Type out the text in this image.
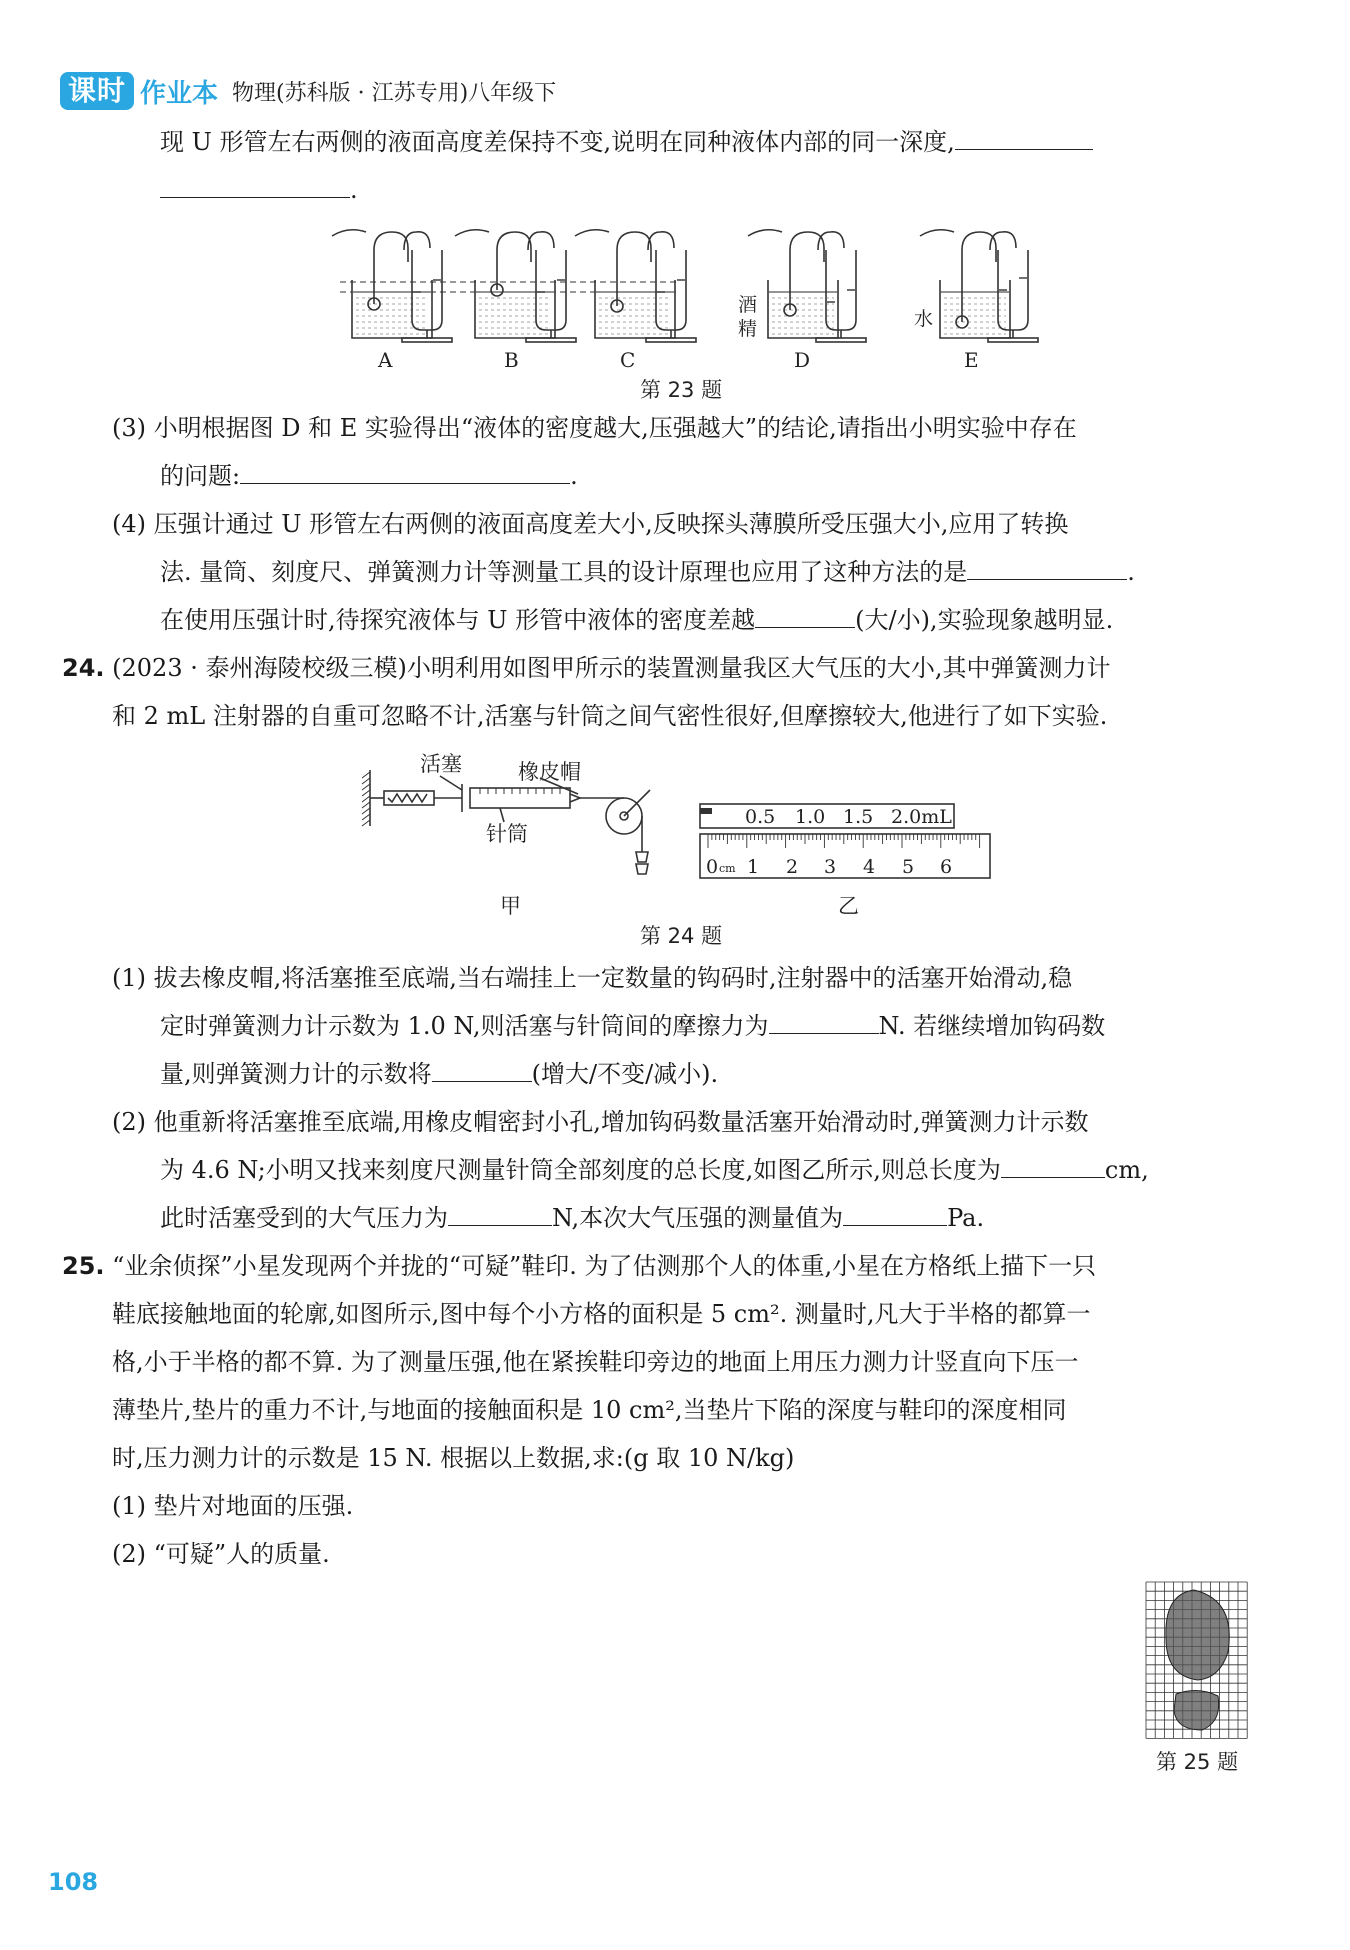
课时 作业本 物理(苏科版 · 江苏专用)八年级下
现 U 形管左右两侧的液面高度差保持不变,说明在同种液体内部的同一深度,
.
A	B	C	D	E
酒
精	水
第 23 题
(3) 小明根据图 D 和 E 实验得出“液体的密度越大,压强越大”的结论,请指出小明实验中存在
的问题:	.
(4) 压强计通过 U 形管左右两侧的液面高度差大小,反映探头薄膜所受压强大小,应用了转换
法. 量筒、刻度尺、弹簧测力计等测量工具的设计原理也应用了这种方法的是	.
在使用压强计时,待探究液体与 U 形管中液体的密度差越	(大/小),实验现象越明显.
24. (2023 · 泰州海陵校级三模)小明利用如图甲所示的装置测量我区大气压的大小,其中弹簧测力计
和 2 mL 注射器的自重可忽略不计,活塞与针筒之间气密性很好,但摩擦较大,他进行了如下实验.
活塞	橡皮帽
针筒
甲	乙
0.5 1.0 1.5 2.0mL
0 cm 1 2 3 4 5 6
第 24 题
(1) 拔去橡皮帽,将活塞推至底端,当右端挂上一定数量的钩码时,注射器中的活塞开始滑动,稳
定时弹簧测力计示数为 1.0 N,则活塞与针筒间的摩擦力为	N. 若继续增加钩码数
量,则弹簧测力计的示数将	(增大/不变/减小).
(2) 他重新将活塞推至底端,用橡皮帽密封小孔,增加钩码数量活塞开始滑动时,弹簧测力计示数
为 4.6 N;小明又找来刻度尺测量针筒全部刻度的总长度,如图乙所示,则总长度为	cm,
此时活塞受到的大气压力为	N,本次大气压强的测量值为	Pa.
25. “业余侦探”小星发现两个并拢的“可疑”鞋印. 为了估测那个人的体重,小星在方格纸上描下一只
鞋底接触地面的轮廓,如图所示,图中每个小方格的面积是 5 cm². 测量时,凡大于半格的都算一
格,小于半格的都不算. 为了测量压强,他在紧挨鞋印旁边的地面上用压力测力计竖直向下压一
薄垫片,垫片的重力不计,与地面的接触面积是 10 cm²,当垫片下陷的深度与鞋印的深度相同
时,压力测力计的示数是 15 N. 根据以上数据,求:(g 取 10 N/kg)
(1) 垫片对地面的压强.
(2) “可疑”人的质量.
第 25 题
108
